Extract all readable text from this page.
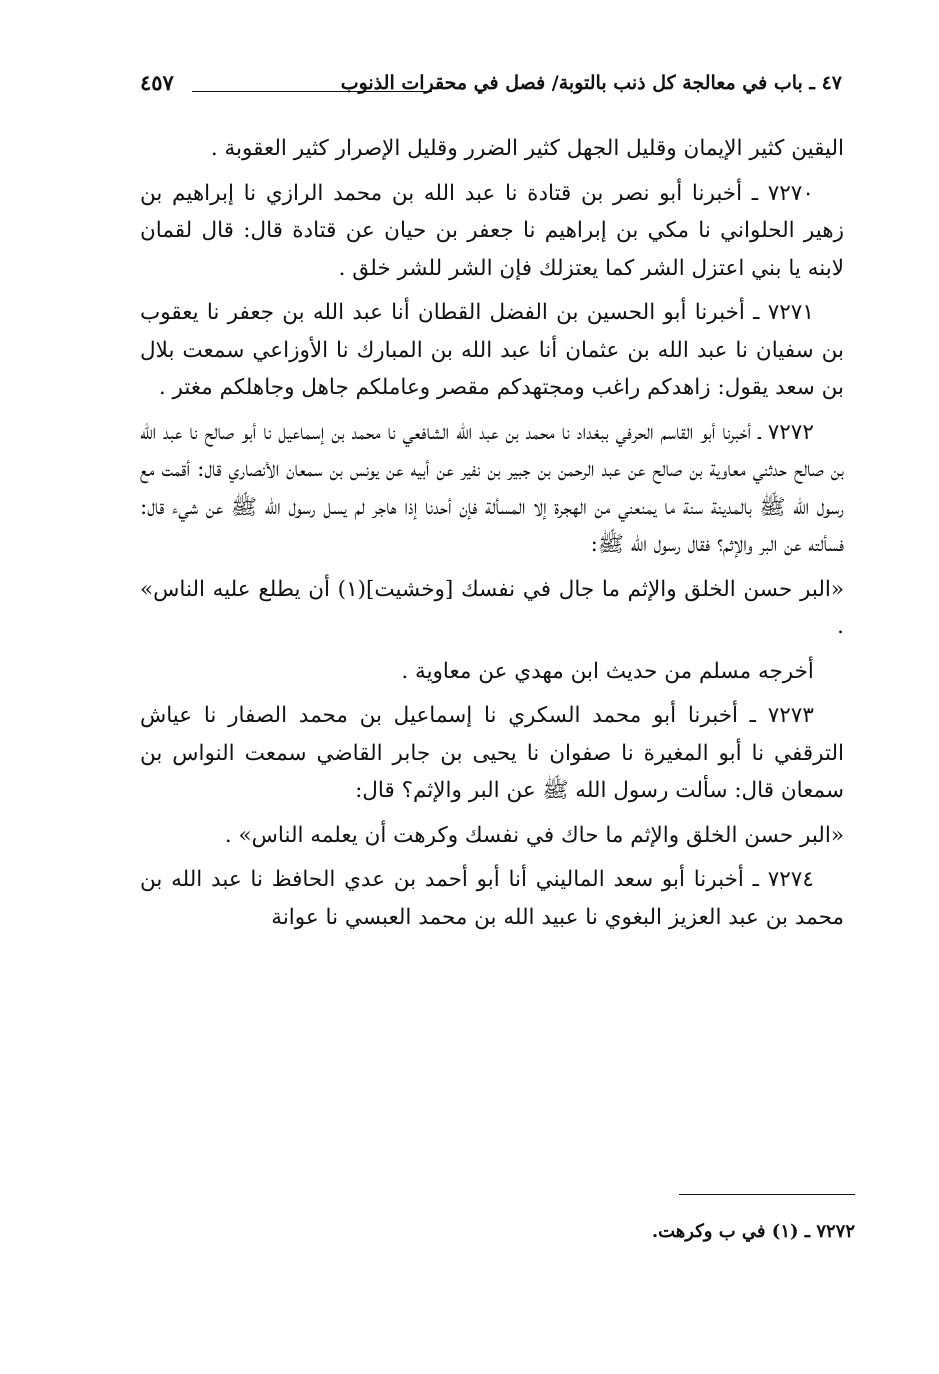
٤٧ ـ باب في معالجة كل ذنب بالتوبة/ فصل في محقرات الذنوب
٤٥٧

اليقين كثير الإيمان وقليل الجهل كثير الضرر وقليل الإصرار كثير العقوبة .

٧٢٧٠ ـ أخبرنا أبو نصر بن قتادة نا عبد الله بن محمد الرازي نا إبراهيم بن زهير الحلواني نا مكي بن إبراهيم نا جعفر بن حيان عن قتادة قال: قال لقمان لابنه يا بني اعتزل الشر كما يعتزلك فإن الشر للشر خلق .

٧٢٧١ ـ أخبرنا أبو الحسين بن الفضل القطان أنا عبد الله بن جعفر نا يعقوب بن سفيان نا عبد الله بن عثمان أنا عبد الله بن المبارك نا الأوزاعي سمعت بلال بن سعد يقول: زاهدكم راغب ومجتهدكم مقصر وعاملكم جاهل وجاهلكم مغتر .

٧٢٧٢ ـ أخبرنا أبو القاسم الحرفي ببغداد نا محمد بن عبد الله الشافعي نا محمد بن إسماعيل نا أبو صالح نا عبد الله بن صالح حدثني معاوية بن صالح عن عبد الرحمن بن جبير بن نفير عن أبيه عن يونس بن سمعان الأنصاري قال: أقمت مع رسول الله ﷺ بالمدينة سنة ما يمنعني من الهجرة إلا المسألة فإن أحدنا إذا هاجر لم يسل رسول الله ﷺ عن شيء قال: فسألته عن البر والإثم؟ فقال رسول الله ﷺ:

«البر حسن الخلق والإثم ما جال في نفسك [وخشيت](١) أن يطلع عليه الناس» .

أخرجه مسلم من حديث ابن مهدي عن معاوية .

٧٢٧٣ ـ أخبرنا أبو محمد السكري نا إسماعيل بن محمد الصفار نا عياش الترقفي نا أبو المغيرة نا صفوان نا يحيى بن جابر القاضي سمعت النواس بن سمعان قال: سألت رسول الله ﷺ عن البر والإثم؟ قال:

«البر حسن الخلق والإثم ما حاك في نفسك وكرهت أن يعلمه الناس» .

٧٢٧٤ ـ أخبرنا أبو سعد الماليني أنا أبو أحمد بن عدي الحافظ نا عبد الله بن محمد بن عبد العزيز البغوي نا عبيد الله بن محمد العبسي نا عوانة

٧٢٧٢ ـ (١) في ب وكرهت.
